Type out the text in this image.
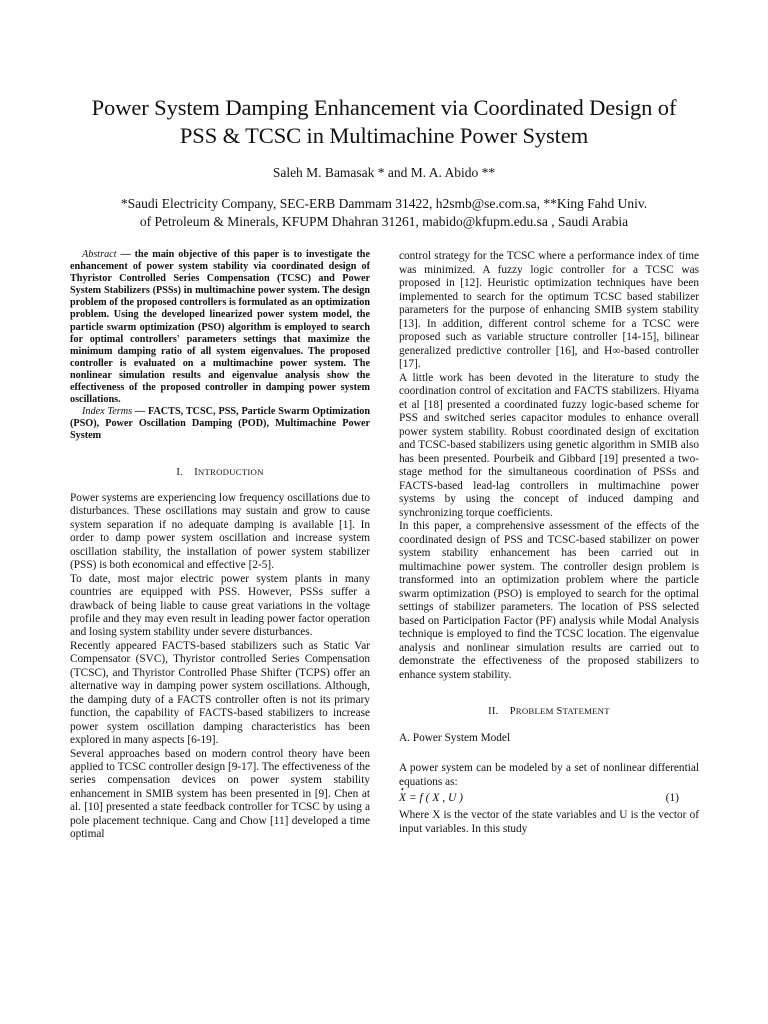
Power System Damping Enhancement via Coordinated Design of
PSS & TCSC in Multimachine Power System
Saleh M. Bamasak * and M. A. Abido **
*Saudi Electricity Company, SEC-ERB Dammam 31422, h2smb@se.com.sa, **King Fahd Univ.
of Petroleum & Minerals, KFUPM Dhahran 31261, mabido@kfupm.edu.sa , Saudi Arabia

Abstract — the main objective of this paper is to investigate the enhancement of power system stability via coordinated design of Thyristor Controlled Series Compensation (TCSC) and Power System Stabilizers (PSSs) in multimachine power system. The design problem of the proposed controllers is formulated as an optimization problem. Using the developed linearized power system model, the particle swarm optimization (PSO) algorithm is employed to search for optimal controllers' parameters settings that maximize the minimum damping ratio of all system eigenvalues. The proposed controller is evaluated on a multimachine power system. The nonlinear simulation results and eigenvalue analysis show the effectiveness of the proposed controller in damping power system oscillations.

Index Terms — FACTS, TCSC, PSS, Particle Swarm Optimization (PSO), Power Oscillation Damping (POD), Multimachine Power System

I. INTRODUCTION

Power systems are experiencing low frequency oscillations due to disturbances. These oscillations may sustain and grow to cause system separation if no adequate damping is available [1]. In order to damp power system oscillation and increase system oscillation stability, the installation of power system stabilizer (PSS) is both economical and effective [2-5].

To date, most major electric power system plants in many countries are equipped with PSS. However, PSSs suffer a drawback of being liable to cause great variations in the voltage profile and they may even result in leading power factor operation and losing system stability under severe disturbances.

Recently appeared FACTS-based stabilizers such as Static Var Compensator (SVC), Thyristor controlled Series Compensation (TCSC), and Thyristor Controlled Phase Shifter (TCPS) offer an alternative way in damping power system oscillations. Although, the damping duty of a FACTS controller often is not its primary function, the capability of FACTS-based stabilizers to increase power system oscillation damping characteristics has been explored in many aspects [6-19].

Several approaches based on modern control theory have been applied to TCSC controller design [9-17]. The effectiveness of the series compensation devices on power system stability enhancement in SMIB system has been presented in [9]. Chen at al. [10] presented a state feedback controller for TCSC by using a pole placement technique. Cang and Chow [11] developed a time optimal

control strategy for the TCSC where a performance index of time was minimized. A fuzzy logic controller for a TCSC was proposed in [12]. Heuristic optimization techniques have been implemented to search for the optimum TCSC based stabilizer parameters for the purpose of enhancing SMIB system stability [13]. In addition, different control scheme for a TCSC were proposed such as variable structure controller [14-15], bilinear generalized predictive controller [16], and H∞-based controller [17].

A little work has been devoted in the literature to study the coordination control of excitation and FACTS stabilizers. Hiyama et al [18] presented a coordinated fuzzy logic-based scheme for PSS and switched series capacitor modules to enhance overall power system stability. Robust coordinated design of excitation and TCSC-based stabilizers using genetic algorithm in SMIB also has been presented. Pourbeik and Gibbard [19] presented a two-stage method for the simultaneous coordination of PSSs and FACTS-based lead-lag controllers in multimachine power systems by using the concept of induced damping and synchronizing torque coefficients.

In this paper, a comprehensive assessment of the effects of the coordinated design of PSS and TCSC-based stabilizer on power system stability enhancement has been carried out in multimachine power system. The controller design problem is transformed into an optimization problem where the particle swarm optimization (PSO) is employed to search for the optimal settings of stabilizer parameters. The location of PSS selected based on Participation Factor (PF) analysis while Modal Analysis technique is employed to find the TCSC location. The eigenvalue analysis and nonlinear simulation results are carried out to demonstrate the effectiveness of the proposed stabilizers to enhance system stability.

II. PROBLEM STATEMENT
A. Power System Model

A power system can be modeled by a set of nonlinear differential equations as:

• X = f ( X , U )	(1)

Where X is the vector of the state variables and U is the vector of input variables. In this study
